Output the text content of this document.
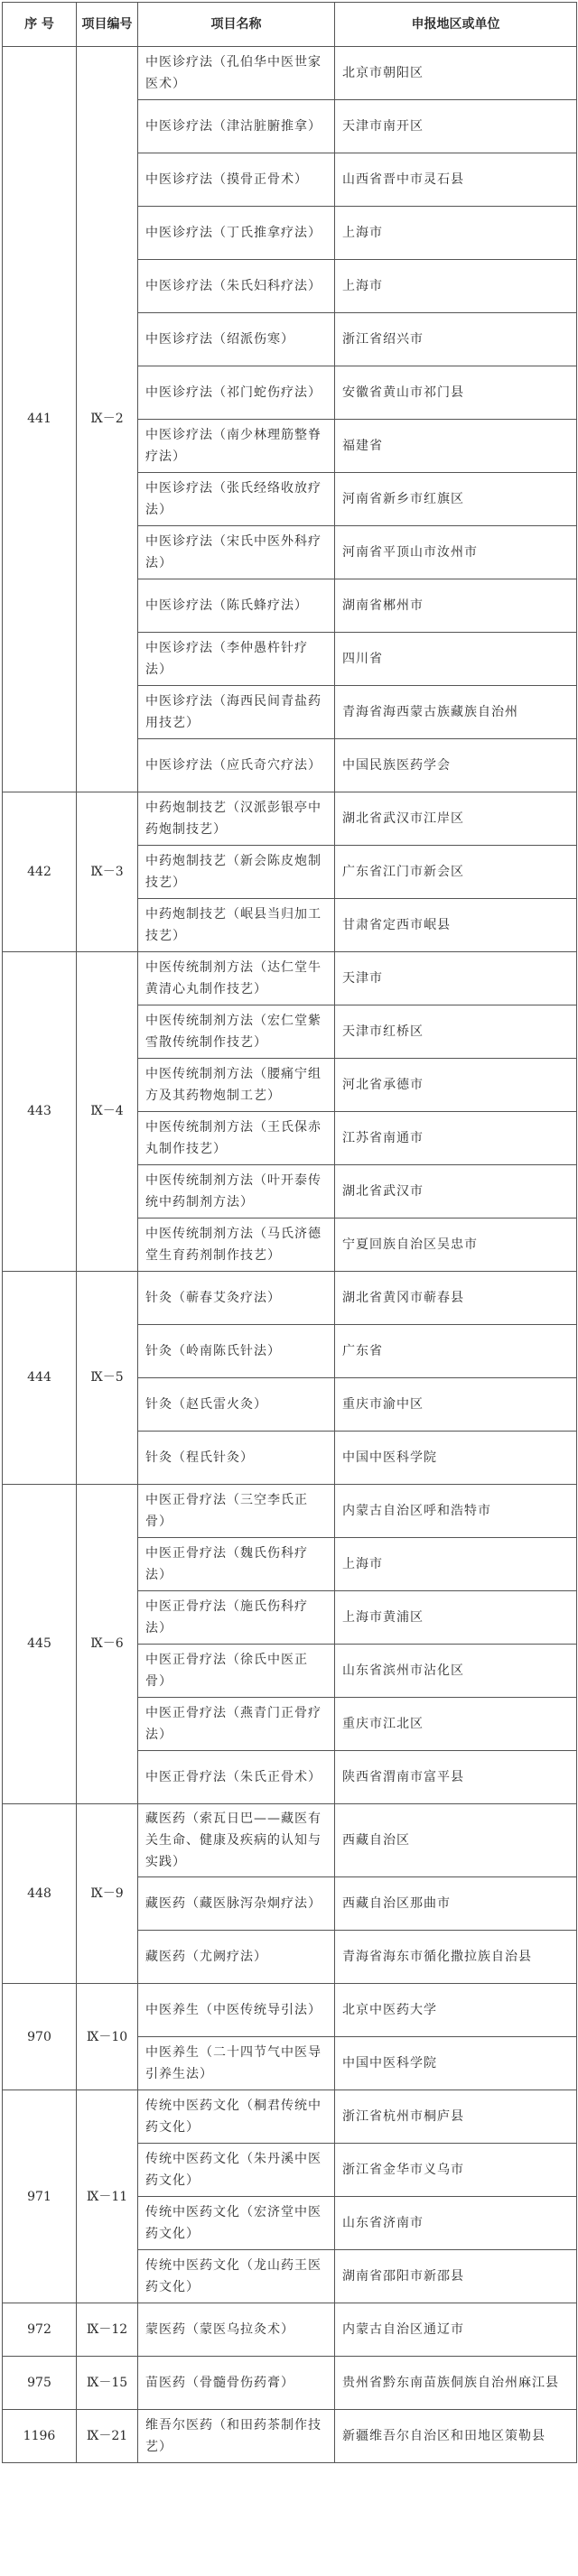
序 号	项目编号	项目名称	申报地区或单位
441	Ⅸ－2	中医诊疗法（孔伯华中医世家医术）	北京市朝阳区
		中医诊疗法（津沽脏腑推拿）	天津市南开区
		中医诊疗法（摸骨正骨术）	山西省晋中市灵石县
		中医诊疗法（丁氏推拿疗法）	上海市
		中医诊疗法（朱氏妇科疗法）	上海市
		中医诊疗法（绍派伤寒）	浙江省绍兴市
		中医诊疗法（祁门蛇伤疗法）	安徽省黄山市祁门县
		中医诊疗法（南少林理筋整脊疗法）	福建省
		中医诊疗法（张氏经络收放疗法）	河南省新乡市红旗区
		中医诊疗法（宋氏中医外科疗法）	河南省平顶山市汝州市
		中医诊疗法（陈氏蜂疗法）	湖南省郴州市
		中医诊疗法（李仲愚杵针疗法）	四川省
		中医诊疗法（海西民间青盐药用技艺）	青海省海西蒙古族藏族自治州
		中医诊疗法（应氏奇穴疗法）	中国民族医药学会
442	Ⅸ－3	中药炮制技艺（汉派彭银亭中药炮制技艺）	湖北省武汉市江岸区
		中药炮制技艺（新会陈皮炮制技艺）	广东省江门市新会区
		中药炮制技艺（岷县当归加工技艺）	甘肃省定西市岷县
443	Ⅸ－4	中医传统制剂方法（达仁堂牛黄清心丸制作技艺）	天津市
		中医传统制剂方法（宏仁堂紫雪散传统制作技艺）	天津市红桥区
		中医传统制剂方法（腰痛宁组方及其药物炮制工艺）	河北省承德市
		中医传统制剂方法（王氏保赤丸制作技艺）	江苏省南通市
		中医传统制剂方法（叶开泰传统中药制剂方法）	湖北省武汉市
		中医传统制剂方法（马氏济德堂生育药剂制作技艺）	宁夏回族自治区吴忠市
444	Ⅸ－5	针灸（蕲春艾灸疗法）	湖北省黄冈市蕲春县
		针灸（岭南陈氏针法）	广东省
		针灸（赵氏雷火灸）	重庆市渝中区
		针灸（程氏针灸）	中国中医科学院
445	Ⅸ－6	中医正骨疗法（三空李氏正骨）	内蒙古自治区呼和浩特市
		中医正骨疗法（魏氏伤科疗法）	上海市
		中医正骨疗法（施氏伤科疗法）	上海市黄浦区
		中医正骨疗法（徐氏中医正骨）	山东省滨州市沾化区
		中医正骨疗法（燕青门正骨疗法）	重庆市江北区
		中医正骨疗法（朱氏正骨术）	陕西省渭南市富平县
448	Ⅸ－9	藏医药（索瓦日巴——藏医有关生命、健康及疾病的认知与实践）	西藏自治区
		藏医药（藏医脉泻杂炯疗法）	西藏自治区那曲市
		藏医药（尤阙疗法）	青海省海东市循化撒拉族自治县
970	Ⅸ－10	中医养生（中医传统导引法）	北京中医药大学
		中医养生（二十四节气中医导引养生法）	中国中医科学院
971	Ⅸ－11	传统中医药文化（桐君传统中药文化）	浙江省杭州市桐庐县
		传统中医药文化（朱丹溪中医药文化）	浙江省金华市义乌市
		传统中医药文化（宏济堂中医药文化）	山东省济南市
		传统中医药文化（龙山药王医药文化）	湖南省邵阳市新邵县
972	Ⅸ－12	蒙医药（蒙医乌拉灸术）	内蒙古自治区通辽市
975	Ⅸ－15	苗医药（骨髓骨伤药膏）	贵州省黔东南苗族侗族自治州麻江县
1196	Ⅸ－21	维吾尔医药（和田药茶制作技艺）	新疆维吾尔自治区和田地区策勒县
